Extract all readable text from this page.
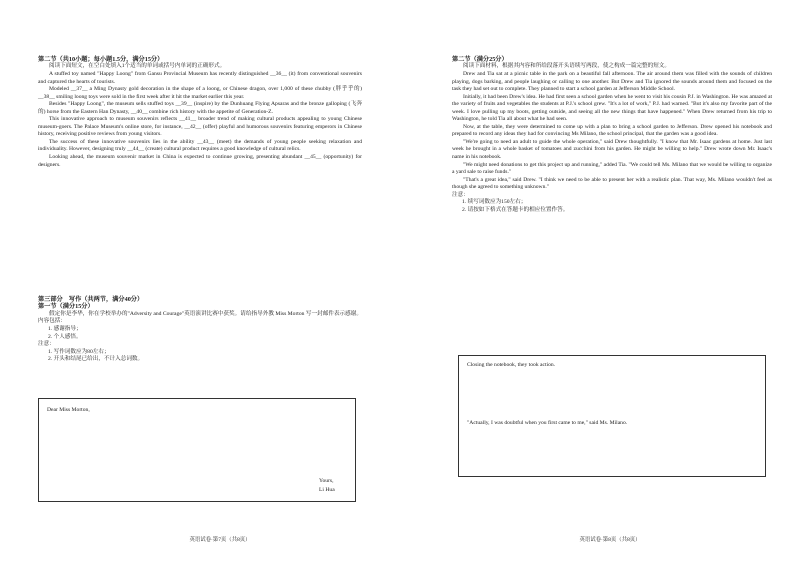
第二节（共10小题；每小题1.5分，满分15分）

阅读下面短文，在空白处填入1个适当的单词或括号内单词的正确形式。

A stuffed toy named "Happy Loong" from Gansu Provincial Museum has recently distinguished __36__ (it) from conventional souvenirs and captured the hearts of tourists.

Modeled __37__ a Ming Dynasty gold decoration in the shape of a loong, or Chinese dragon, over 1,000 of these chubby (胖乎乎的) __38__ smiling loong toys were sold in the first week after it hit the market earlier this year.

Besides "Happy Loong", the museum sells stuffed toys __39__ (inspire) by the Dunhuang Flying Apsaras and the bronze galloping (飞奔的) horse from the Eastern Han Dynasty, __40__ combine rich history with the appetite of Generation-Z.

This innovative approach to museum souvenirs reflects __41__ broader trend of making cultural products appealing to young Chinese museum-goers. The Palace Museum's online store, for instance, __42__ (offer) playful and humorous souvenirs featuring emperors in Chinese history, receiving positive reviews from young visitors.

The success of these innovative souvenirs lies in the ability __43__ (meet) the demands of young people seeking relaxation and individuality. However, designing truly __44__ (create) cultural product requires a good knowledge of cultural relics.

Looking ahead, the museum souvenir market in China is expected to continue growing, presenting abundant __45__ (opportunity) for designers.

第三部分　写作（共两节，满分40分）

第一节（满分15分）

假定你是李华，你在学校举办的"Adversity and Courage"英语演讲比赛中获奖。请给指导外教 Miss Morton 写一封邮件表示感谢。内容包括：

1. 感谢指导；

2. 个人感悟。

注意：

1. 写作词数应为80左右；

2. 开头和结尾已给出，不计入总词数。

Dear Miss Morton,

Yours,

Li Hua

英语试卷·第7页（共8页）

第二节（满分25分）

阅读下面材料，根据其内容和所给段落开头语续写两段，使之构成一篇完整的短文。

Drew and Tia sat at a picnic table in the park on a beautiful fall afternoon. The air around them was filled with the sounds of children playing, dogs barking, and people laughing or calling to one another. But Drew and Tia ignored the sounds around them and focused on the task they had set out to complete. They planned to start a school garden at Jefferson Middle School.

Initially, it had been Drew's idea. He had first seen a school garden when he went to visit his cousin P.J. in Washington. He was amazed at the variety of fruits and vegetables the students at P.J.'s school grew. "It's a lot of work," P.J. had warned. "But it's also my favorite part of the week. I love pulling up my boots, getting outside, and seeing all the new things that have happened." When Drew returned from his trip to Washington, he told Tia all about what he had seen.

Now, at the table, they were determined to come up with a plan to bring a school garden to Jefferson. Drew opened his notebook and prepared to record any ideas they had for convincing Ms Milano, the school principal, that the garden was a good idea.

"We're going to need an adult to guide the whole operation," said Drew thoughtfully. "I know that Mr. Isaac gardens at home. Just last week he brought in a whole basket of tomatoes and zucchini from his garden. He might be willing to help." Drew wrote down Mr. Isaac's name in his notebook.

"We might need donations to get this project up and running," added Tia. "We could tell Ms. Milano that we would be willing to organize a yard sale to raise funds."

"That's a great idea," said Drew. "I think we need to be able to present her with a realistic plan. That way, Ms. Milano wouldn't feel as though she agreed to something unknown."

注意：

1. 续写词数应为150左右；

2. 请按如下格式在答题卡的相应位置作答。

Closing the notebook, they took action.

"Actually, I was doubtful when you first came to me," said Ms. Milano.

英语试卷·第8页（共8页）
